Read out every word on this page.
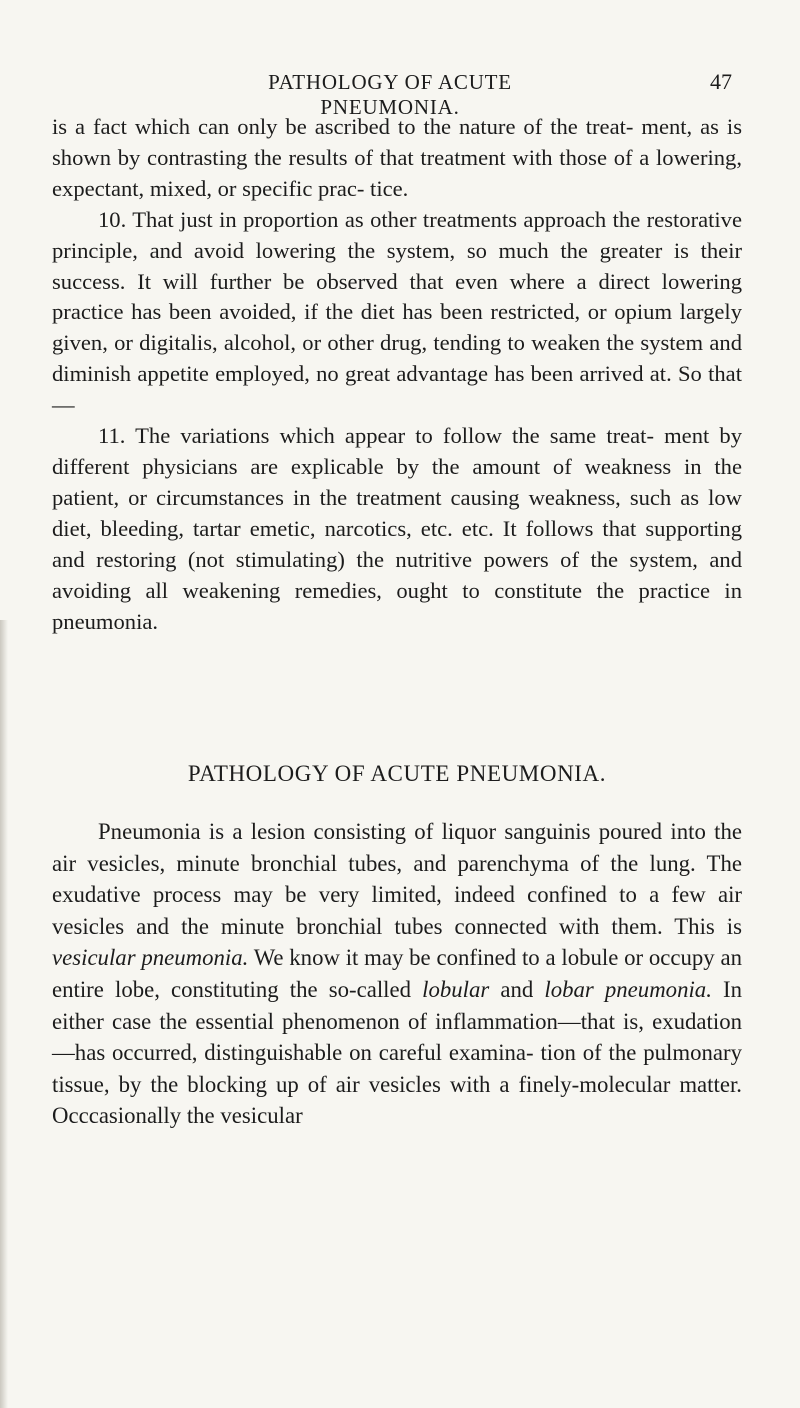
PATHOLOGY OF ACUTE PNEUMONIA.
47

is a fact which can only be ascribed to the nature of the treat- ment, as is shown by contrasting the results of that treatment with those of a lowering, expectant, mixed, or specific prac- tice.

10. That just in proportion as other treatments approach the restorative principle, and avoid lowering the system, so much the greater is their success. It will further be observed that even where a direct lowering practice has been avoided, if the diet has been restricted, or opium largely given, or digitalis, alcohol, or other drug, tending to weaken the system and diminish appetite employed, no great advantage has been arrived at. So that—

11. The variations which appear to follow the same treat- ment by different physicians are explicable by the amount of weakness in the patient, or circumstances in the treatment causing weakness, such as low diet, bleeding, tartar emetic, narcotics, etc. etc. It follows that supporting and restoring (not stimulating) the nutritive powers of the system, and avoiding all weakening remedies, ought to constitute the practice in pneumonia.

PATHOLOGY OF ACUTE PNEUMONIA.

Pneumonia is a lesion consisting of liquor sanguinis poured into the air vesicles, minute bronchial tubes, and parenchyma of the lung. The exudative process may be very limited, indeed confined to a few air vesicles and the minute bronchial tubes connected with them. This is vesicular pneumonia. We know it may be confined to a lobule or occupy an entire lobe, constituting the so-called lobular and lobar pneumonia. In either case the essential phenomenon of inflammation—that is, exudation—has occurred, distinguishable on careful examina- tion of the pulmonary tissue, by the blocking up of air vesicles with a finely-molecular matter. Occcasionally the vesicular
